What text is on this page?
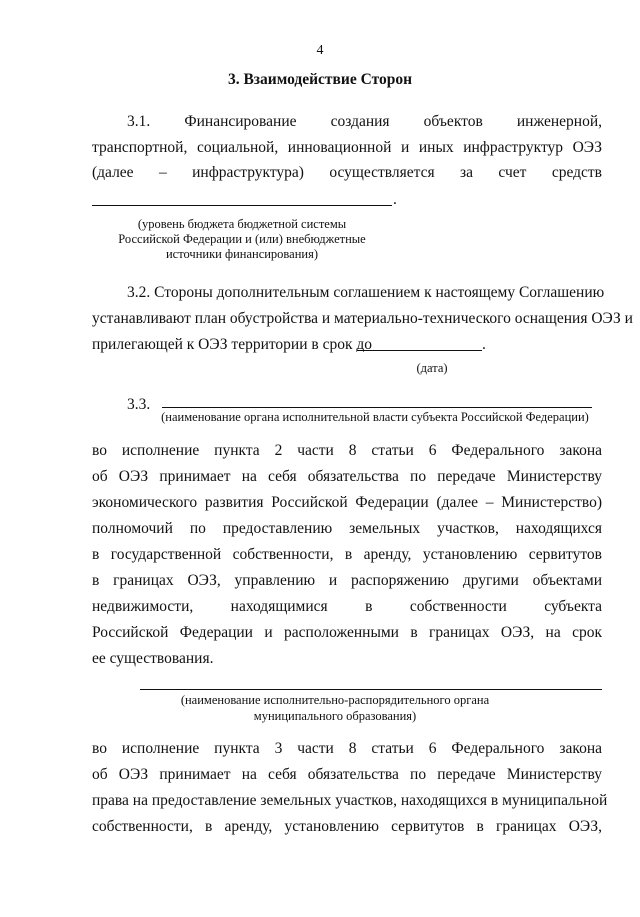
4
3. Взаимодействие Сторон
3.1. Финансирование создания объектов инженерной,
транспортной, социальной, инновационной и иных инфраструктур ОЭЗ
(далее – инфраструктура) осуществляется за счет средств
.
(уровень бюджета бюджетной системы
Российской Федерации и (или) внебюджетные
источники финансирования)
3.2. Стороны дополнительным соглашением к настоящему Соглашению
устанавливают план обустройства и материально-технического оснащения ОЭЗ и
прилегающей к ОЭЗ территории в срок до	.
(дата)
3.3.
(наименование органа исполнительной власти субъекта Российской Федерации)
во исполнение пункта 2 части 8 статьи 6 Федерального закона
об ОЭЗ принимает на себя обязательства по передаче Министерству
экономического развития Российской Федерации (далее – Министерство)
полномочий по предоставлению земельных участков, находящихся
в государственной собственности, в аренду, установлению сервитутов
в границах ОЭЗ, управлению и распоряжению другими объектами
недвижимости, находящимися в собственности субъекта
Российской Федерации и расположенными в границах ОЭЗ, на срок
ее существования.
(наименование исполнительно-распорядительного органа
муниципального образования)
во исполнение пункта 3 части 8 статьи 6 Федерального закона
об ОЭЗ принимает на себя обязательства по передаче Министерству
права на предоставление земельных участков, находящихся в муниципальной
собственности, в аренду, установлению сервитутов в границах ОЭЗ,
